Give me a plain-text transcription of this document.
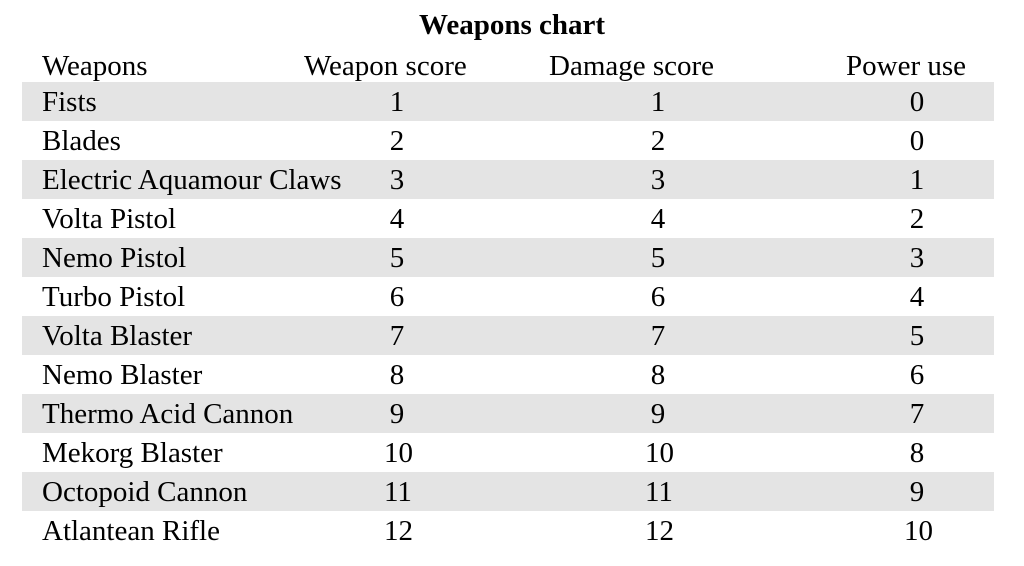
Weapons chart
Weapons	Weapon score	Damage score	Power use
Fists	1	1	0
Blades	2	2	0
Electric Aquamour Claws 3	3	1
Volta Pistol	4	4	2
Nemo Pistol	5	5	3
Turbo Pistol	6	6	4
Volta Blaster	7	7	5
Nemo Blaster	8	8	6
Thermo Acid Cannon	9	9	7
Mekorg Blaster	10	10	8
Octopoid Cannon	11	11	9
Atlantean Rifle	12	12	10
